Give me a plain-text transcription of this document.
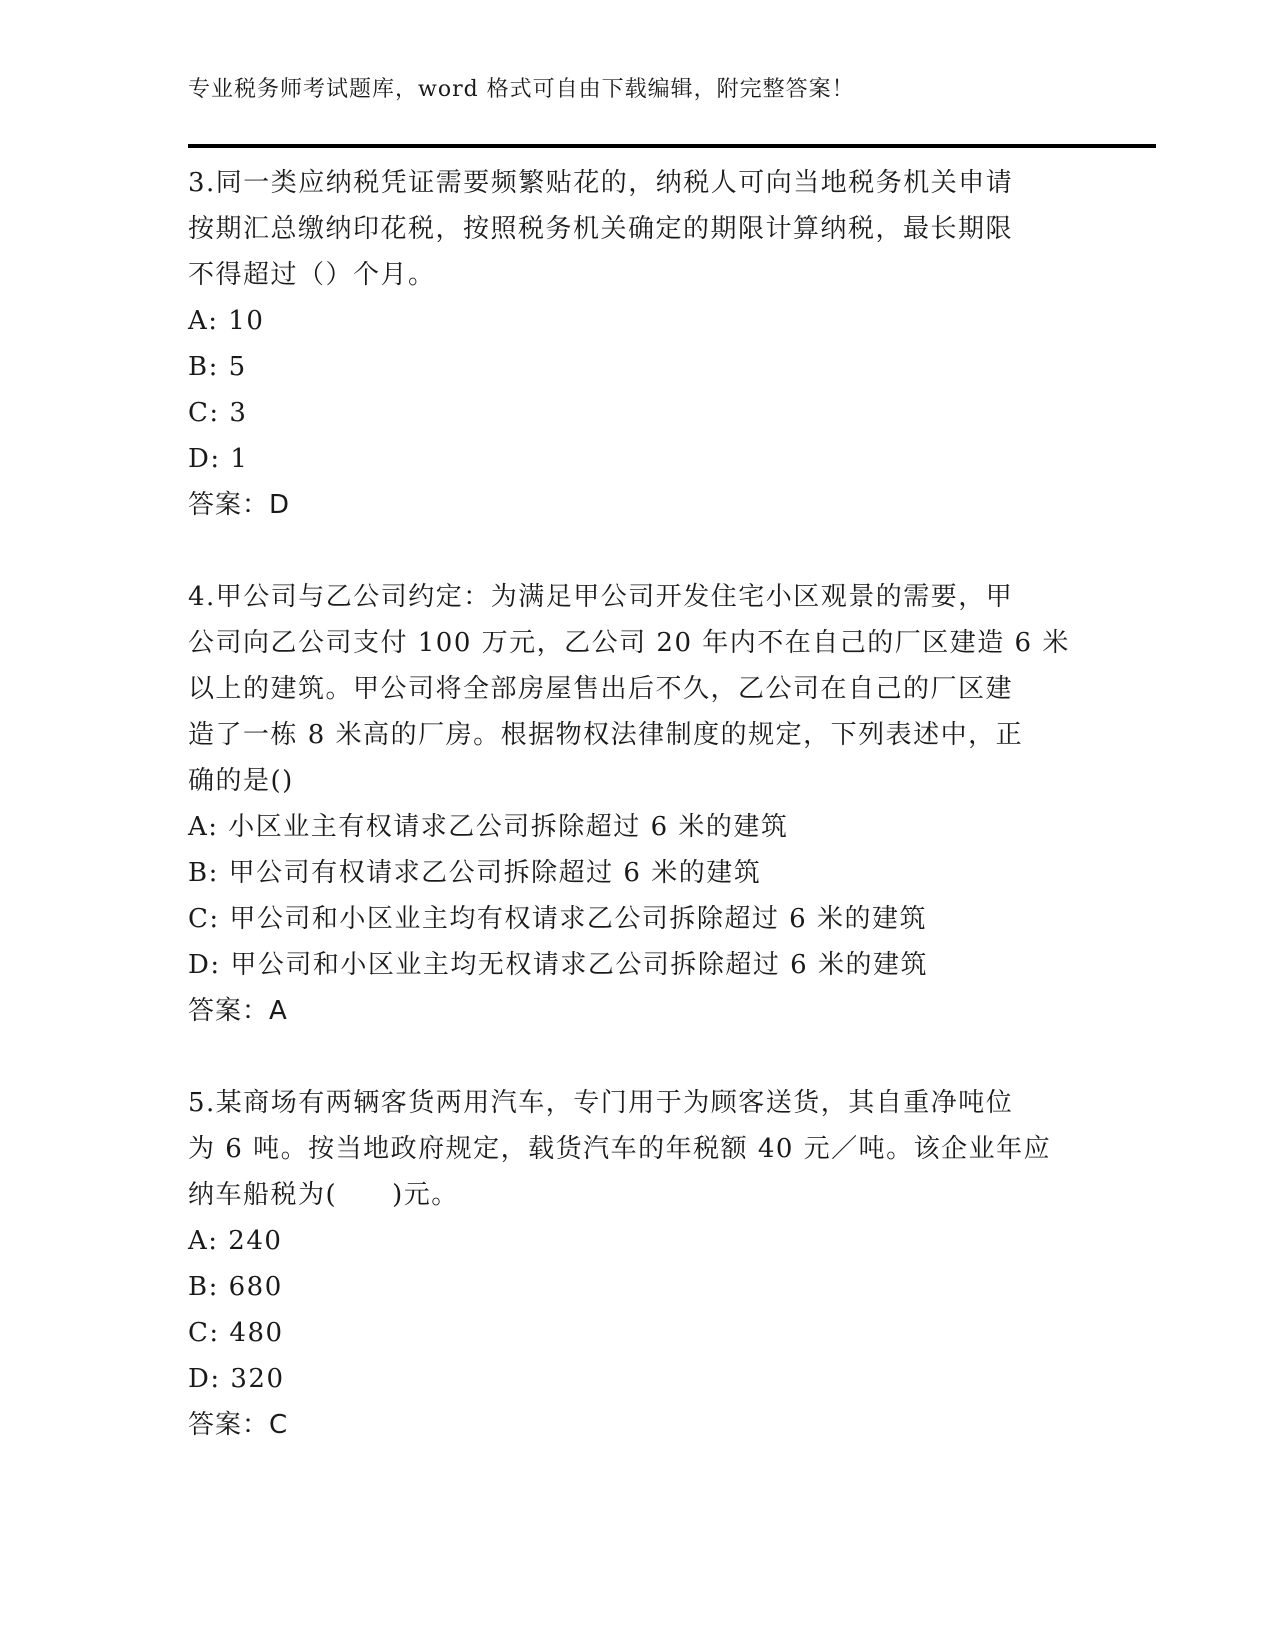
专业税务师考试题库，word 格式可自由下载编辑，附完整答案！

3.同一类应纳税凭证需要频繁贴花的，纳税人可向当地税务机关申请

按期汇总缴纳印花税，按照税务机关确定的期限计算纳税，最长期限

不得超过（）个月。

A: 10

B: 5

C: 3

D: 1

答案：D

4.甲公司与乙公司约定：为满足甲公司开发住宅小区观景的需要，甲

公司向乙公司支付 100 万元，乙公司 20 年内不在自己的厂区建造 6 米

以上的建筑。甲公司将全部房屋售出后不久，乙公司在自己的厂区建

造了一栋 8 米高的厂房。根据物权法律制度的规定，下列表述中，正

确的是()

A: 小区业主有权请求乙公司拆除超过 6 米的建筑

B: 甲公司有权请求乙公司拆除超过 6 米的建筑

C: 甲公司和小区业主均有权请求乙公司拆除超过 6 米的建筑

D: 甲公司和小区业主均无权请求乙公司拆除超过 6 米的建筑

答案：A

5.某商场有两辆客货两用汽车，专门用于为顾客送货，其自重净吨位

为 6 吨。按当地政府规定，载货汽车的年税额 40 元／吨。该企业年应

纳车船税为(　　)元。

A: 240

B: 680

C: 480

D: 320

答案：C
